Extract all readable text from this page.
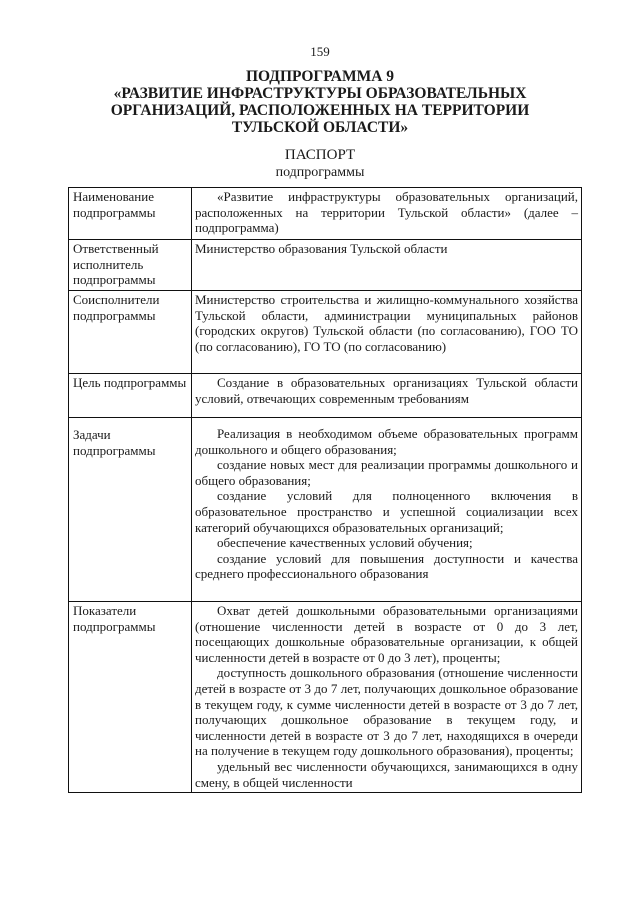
159
ПОДПРОГРАММА 9
«РАЗВИТИЕ ИНФРАСТРУКТУРЫ ОБРАЗОВАТЕЛЬНЫХ
ОРГАНИЗАЦИЙ, РАСПОЛОЖЕННЫХ НА ТЕРРИТОРИИ
ТУЛЬСКОЙ ОБЛАСТИ»
ПАСПОРТ
подпрограммы
Наименование подпрограммы	«Развитие инфраструктуры образовательных организаций, расположенных на территории Тульской области» (далее – подпрограмма)

Ответственный исполнитель подпрограммы	Министерство образования Тульской области

Соисполнители подпрограммы	Министерство строительства и жилищно-коммунального хозяйства Тульской области, администрации муниципальных районов (городских округов) Тульской области (по согласованию), ГОО ТО (по согласованию), ГО ТО (по согласованию)

Цель подпрограммы	Создание в образовательных организациях Тульской области условий, отвечающих современным требованиям

Задачи подпрограммы	Реализация в необходимом объеме образовательных программ дошкольного и общего образования;

создание новых мест для реализации программы дошкольного и общего образования;

создание условий для полноценного включения в образовательное пространство и успешной социализации всех категорий обучающихся образовательных организаций;

обеспечение качественных условий обучения;

создание условий для повышения доступности и качества среднего профессионального образования

Показатели подпрограммы	Охват детей дошкольными образовательными организациями (отношение численности детей в возрасте от 0 до 3 лет, посещающих дошкольные образовательные организации, к общей численности детей в возрасте от 0 до 3 лет), проценты;

доступность дошкольного образования (отношение численности детей в возрасте от 3 до 7 лет, получающих дошкольное образование в текущем году, к сумме численности детей в возрасте от 3 до 7 лет, получающих дошкольное образование в текущем году, и численности детей в возрасте от 3 до 7 лет, находящихся в очереди на получение в текущем году дошкольного образования), проценты;

удельный вес численности обучающихся, занимающихся в одну смену, в общей численности
